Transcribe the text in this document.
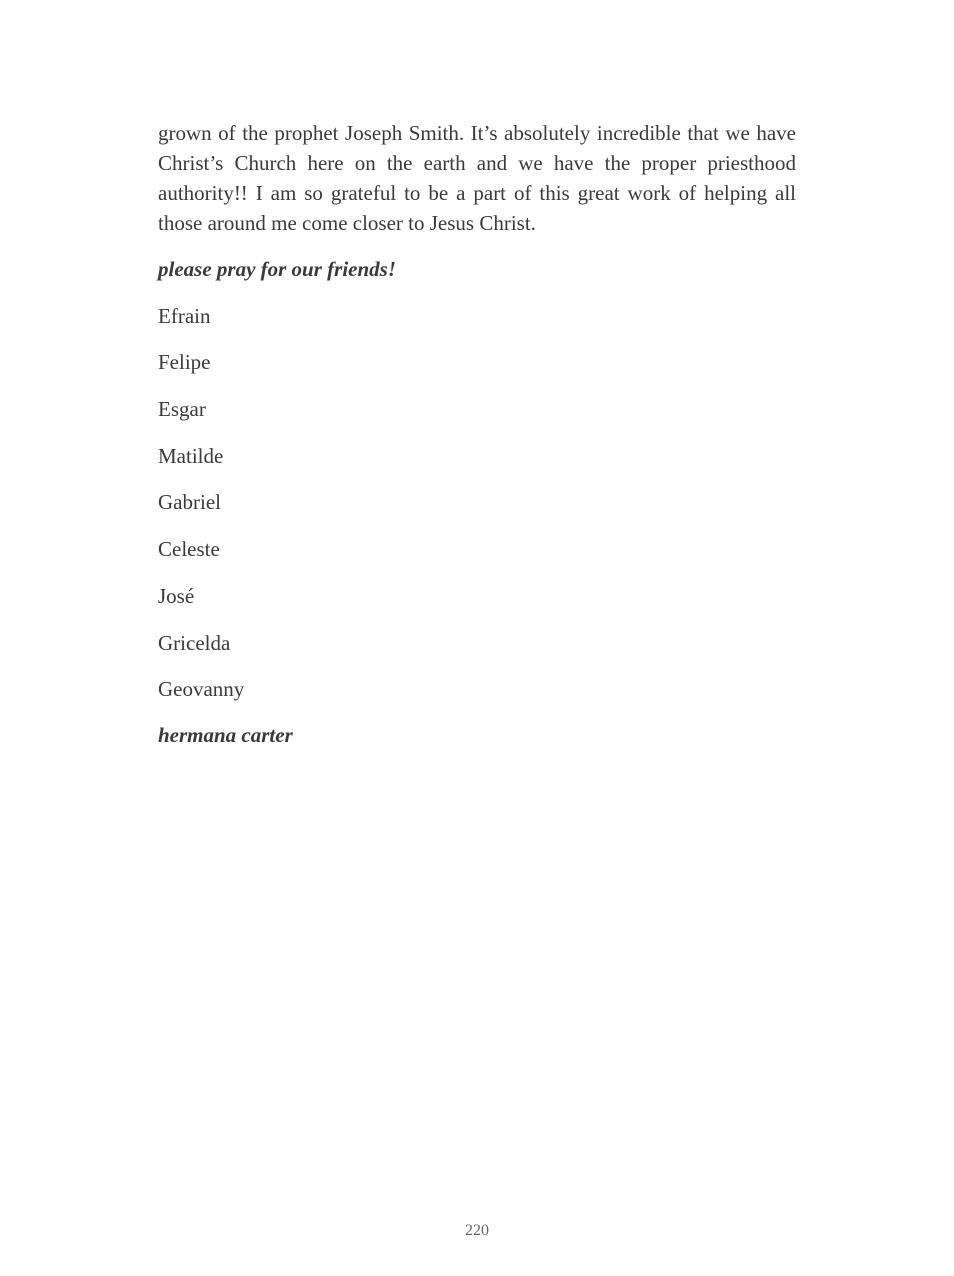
grown of the prophet Joseph Smith. It’s absolutely incredible that we have Christ’s Church here on the earth and we have the proper priesthood authority!! I am so grateful to be a part of this great work of helping all those around me come closer to Jesus Christ.

please pray for our friends!

Efrain
Felipe
Esgar
Matilde
Gabriel
Celeste
José
Gricelda
Geovanny

hermana carter

220
